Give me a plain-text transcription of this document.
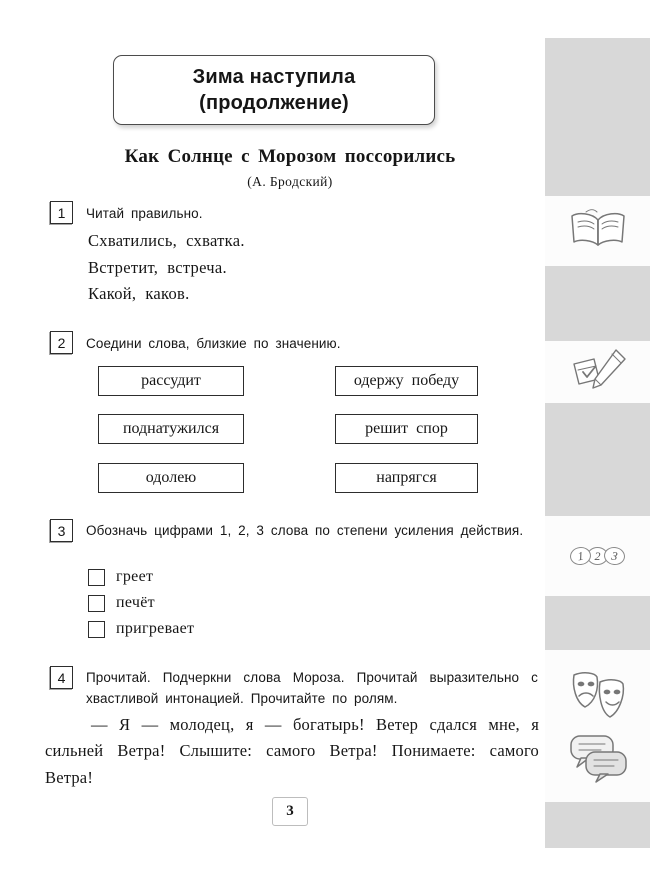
1 2 3
Зима наступила
(продолжение)
Как Солнце с Морозом поссорились
(А. Бродский)
1	Читай правильно.
Схватились, схватка.
Встретит, встреча.
Какой, каков.
2	Соедини слова, близкие по значению.
рассудит
поднатужился
одолею
одержу победу
решит спор
напрягся
3	Обозначь цифрами 1, 2, 3 слова по степени усиления действия.
греет
печёт
пригревает
4	Прочитай. Подчеркни слова Мороза. Прочитай выразительно с хвастливой интонацией. Прочитайте по ролям.
— Я — молодец, я — богатырь! Ветер сдался мне, я сильней Ветра! Слышите: самого Ветра! Понимаете: самого Ветра!
3
